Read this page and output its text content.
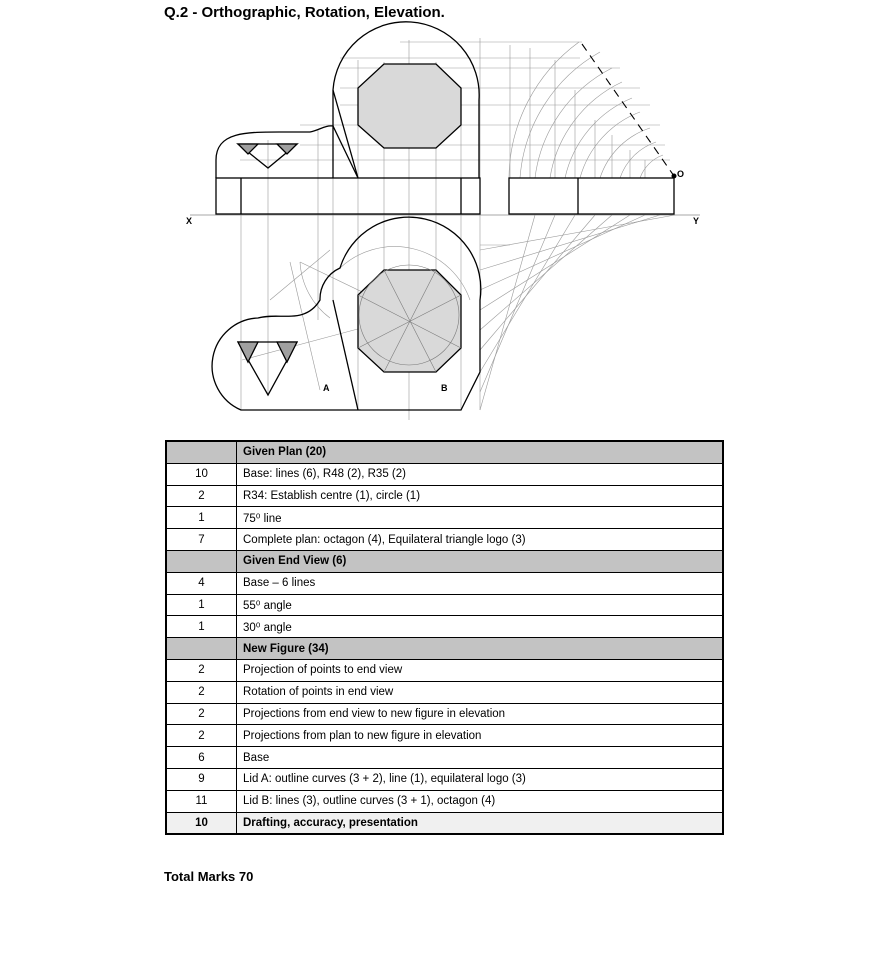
Q.2 - Orthographic, Rotation, Elevation.
X	Y
O
A	B
	Given Plan (20)
10	Base: lines (6), R48 (2), R35 (2)
2	R34: Establish centre (1), circle (1)
1	75⁰ line
7	Complete plan: octagon (4), Equilateral triangle logo (3)
	Given End View (6)
4	Base – 6 lines
1	55⁰ angle
1	30⁰ angle
	New Figure (34)
2	Projection of points to end view
2	Rotation of points in end view
2	Projections from end view to new figure in elevation
2	Projections from plan to new figure in elevation
6	Base
9	Lid A: outline curves (3 + 2), line (1), equilateral logo (3)
11	Lid B: lines (3), outline curves (3 + 1), octagon (4)
10	Drafting, accuracy, presentation
Total Marks 70
